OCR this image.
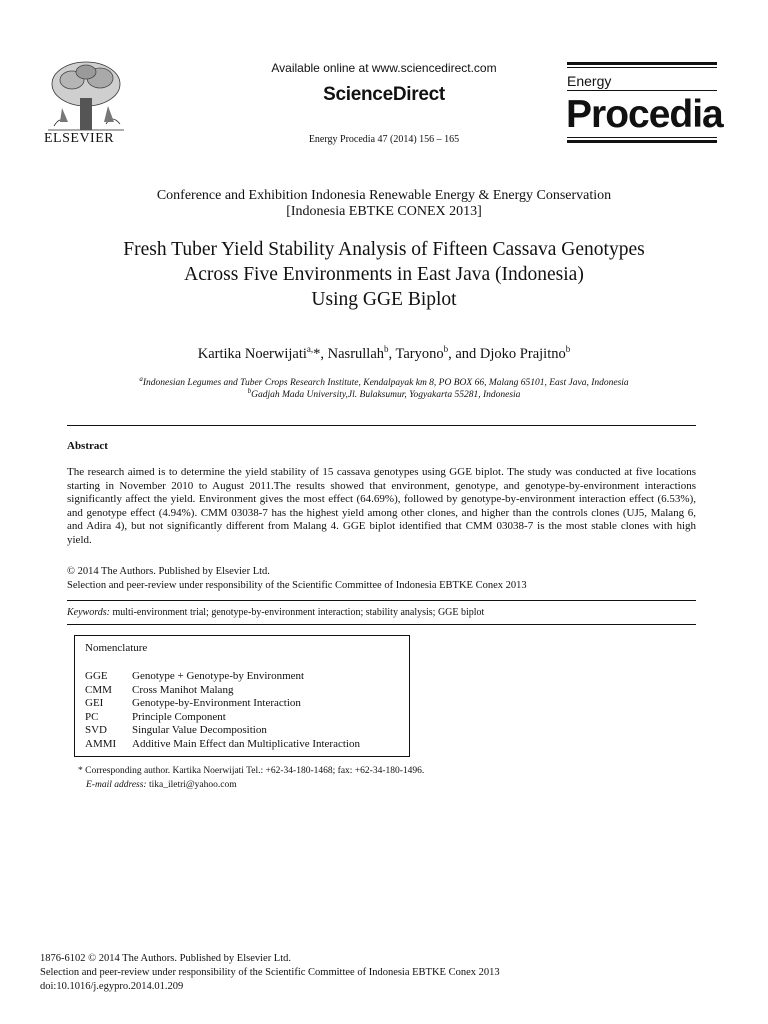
ELSEVIER
Available online at www.sciencedirect.com
ScienceDirect
Energy Procedia 47 (2014) 156 – 165
Energy
Procedia
Conference and Exhibition Indonesia Renewable Energy & Energy Conservation
[Indonesia EBTKE CONEX 2013]
Fresh Tuber Yield Stability Analysis of Fifteen Cassava Genotypes
Across Five Environments in East Java (Indonesia)
Using GGE Biplot
Kartika Noerwijati$^{a,}$*, Nasrullah$^b$, Taryono$^b$, and Djoko Prajitno$^b$
$^a$Indonesian Legumes and Tuber Crops Research Institute, Kendalpayak km 8, PO BOX 66, Malang 65101, East Java, Indonesia
$^b$Gadjah Mada University,Jl. Bulaksumur, Yogyakarta 55281, Indonesia
Abstract
The research aimed is to determine the yield stability of 15 cassava genotypes using GGE biplot. The study was conducted at five locations starting in November 2010 to August 2011.The results showed that environment, genotype, and genotype-by-environment interactions significantly affect the yield. Environment gives the most effect (64.69%), followed by genotype-by-environment interaction effect (6.53%), and genotype effect (4.94%). CMM 03038-7 has the highest yield among other clones, and higher than the controls clones (UJ5, Malang 6, and Adira 4), but not significantly different from Malang 4. GGE biplot identified that CMM 03038-7 is the most stable clones with high yield.
© 2014 The Authors. Published by Elsevier Ltd.
Selection and peer-review under responsibility of the Scientific Committee of Indonesia EBTKE Conex 2013
Keywords: multi-environment trial; genotype-by-environment interaction; stability analysis; GGE biplot
Nomenclature
GGE	Genotype + Genotype-by Environment
CMM	Cross Manihot Malang
GEI	Genotype-by-Environment Interaction
PC	Principle Component
SVD	Singular Value Decomposition
AMMI	Additive Main Effect dan Multiplicative Interaction
* Corresponding author. Kartika Noerwijati Tel.: +62-34-180-1468; fax: +62-34-180-1496.
E-mail address: tika_iletri@yahoo.com
1876-6102 © 2014 The Authors. Published by Elsevier Ltd.
Selection and peer-review under responsibility of the Scientific Committee of Indonesia EBTKE Conex 2013
doi:10.1016/j.egypro.2014.01.209
